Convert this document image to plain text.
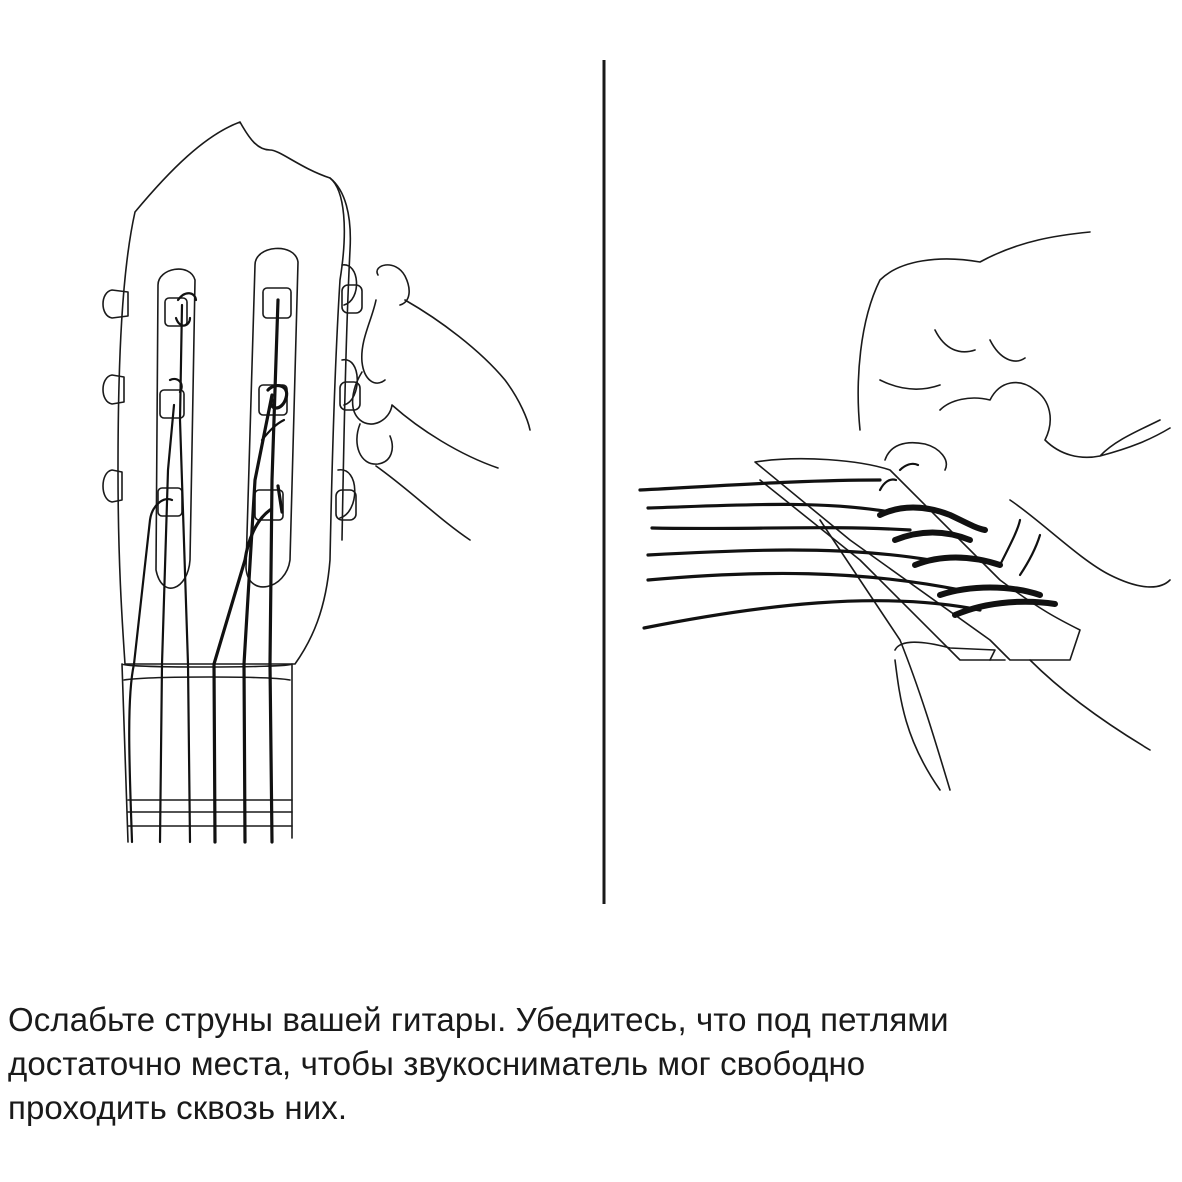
Ослабьте струны вашей гитары. Убедитесь, что под петлями
достаточно места, чтобы звукосниматель мог свободно
проходить сквозь них.
